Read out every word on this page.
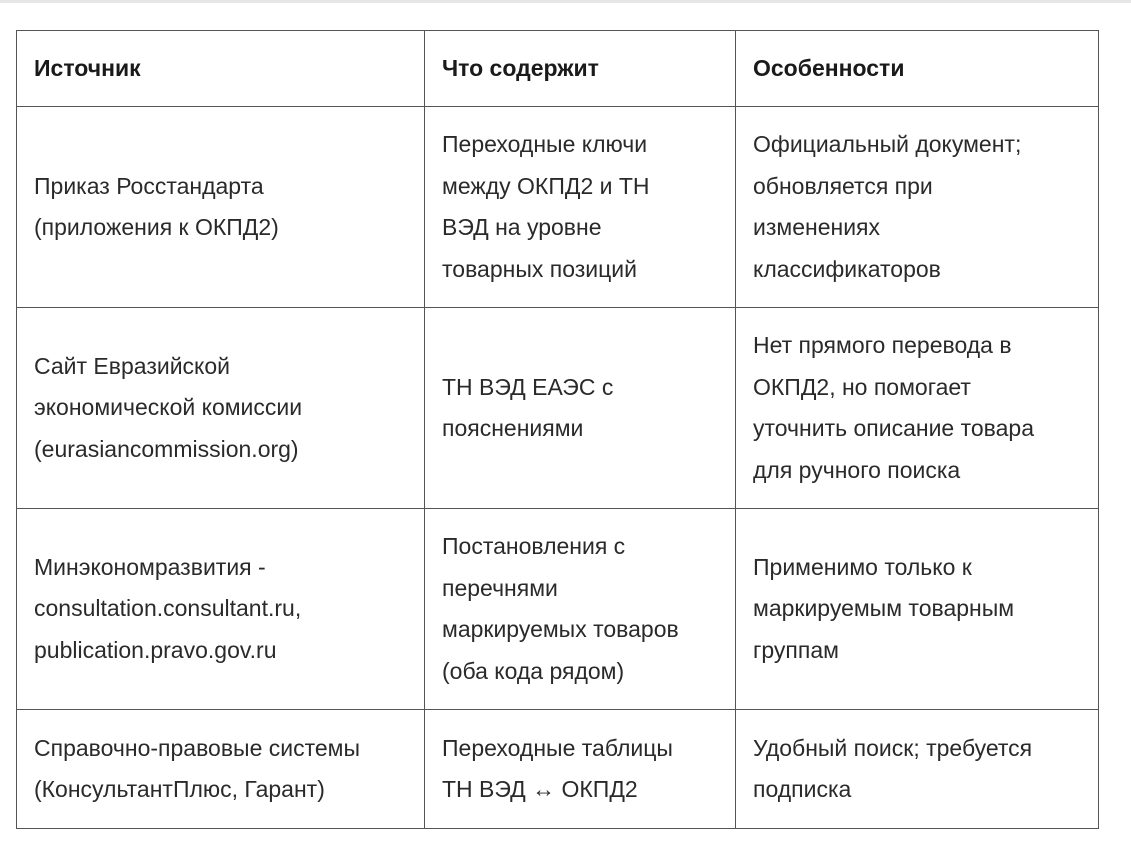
Источник	Что содержит	Особенности

Приказ Росстандарта
(приложения к ОКПД2)	Переходные ключи
между ОКПД2 и ТН
ВЭД на уровне
товарных позиций	Официальный документ;
обновляется при
изменениях
классификаторов

Сайт Евразийской
экономической комиссии
(eurasiancommission.org)	ТН ВЭД ЕАЭС с
пояснениями	Нет прямого перевода в
ОКПД2, но помогает
уточнить описание товара
для ручного поиска

Минэкономразвития -
consultation.consultant.ru,
publication.pravo.gov.ru	Постановления с
перечнями
маркируемых товаров
(оба кода рядом)	Применимо только к
маркируемым товарным
группам

Справочно-правовые системы
(КонсультантПлюс, Гарант)	Переходные таблицы
ТН ВЭД ↔ ОКПД2	Удобный поиск; требуется
подписка
